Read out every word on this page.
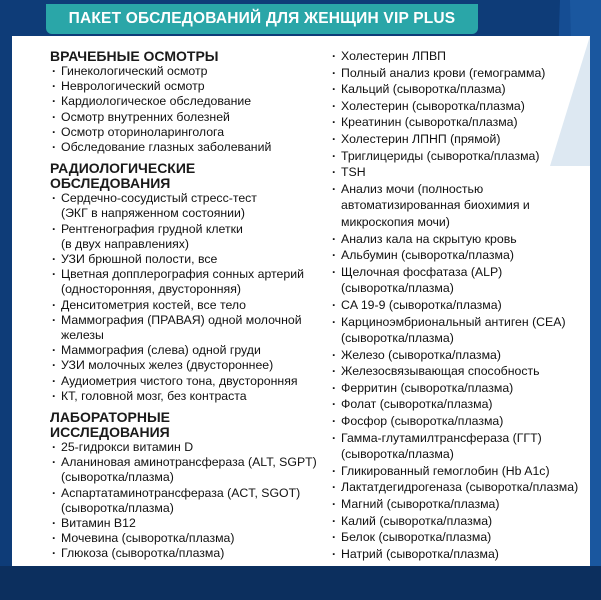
ПАКЕТ ОБСЛЕДОВАНИЙ ДЛЯ ЖЕНЩИН VIP PLUS
ВРАЧЕБНЫЕ ОСМОТРЫ
· Гинекологический осмотр
· Неврологический осмотр
· Кардиологическое обследование
· Осмотр внутренних болезней
· Осмотр оториноларинголога
· Обследование глазных заболеваний
РАДИОЛОГИЧЕСКИЕ
ОБСЛЕДОВАНИЯ
· Сердечно-сосудистый стресс-тест
(ЭКГ в напряженном состоянии)
· Рентгенография грудной клетки
(в двух направлениях)
· УЗИ брюшной полости, все
· Цветная допплерография сонных артерий
(односторонняя, двусторонняя)
· Денситометрия костей, все тело
· Маммография (ПРАВАЯ) одной молочной
железы
· Маммография (слева) одной груди
· УЗИ молочных желез (двустороннее)
· Аудиометрия чистого тона, двусторонняя
· КТ, головной мозг, без контраста
ЛАБОРАТОРНЫЕ
ИССЛЕДОВАНИЯ
· 25-гидрокси витамин D
· Аланиновая аминотрансфераза (ALT, SGPT)
(сыворотка/плазма)
· Аспартатаминотрансфераза (ACT, SGOT)
(сыворотка/плазма)
· Витамин B12
· Мочевина (сыворотка/плазма)
· Глюкоза (сыворотка/плазма)
· Холестерин ЛПВП
· Полный анализ крови (гемограмма)
· Кальций (сыворотка/плазма)
· Холестерин (сыворотка/плазма)
· Креатинин (сыворотка/плазма)
· Холестерин ЛПНП (прямой)
· Триглицериды (сыворотка/плазма)
· TSH
· Анализ мочи (полностью
автоматизированная биохимия и
микроскопия мочи)
· Анализ кала на скрытую кровь
· Альбумин (сыворотка/плазма)
· Щелочная фосфатаза (ALP)
(сыворотка/плазма)
· CA 19-9 (сыворотка/плазма)
· Карциноэмбриональный антиген (CEA)
(сыворотка/плазма)
· Железо (сыворотка/плазма)
· Железосвязывающая способность
· Ферритин (сыворотка/плазма)
· Фолат (сыворотка/плазма)
· Фосфор (сыворотка/плазма)
· Гамма-глутамилтрансфераза (ГГТ)
(сыворотка/плазма)
· Гликированный гемоглобин (Hb A1c)
· Лактатдегидрогеназа (сыворотка/плазма)
· Магний (сыворотка/плазма)
· Калий (сыворотка/плазма)
· Белок (сыворотка/плазма)
· Натрий (сыворотка/плазма)
